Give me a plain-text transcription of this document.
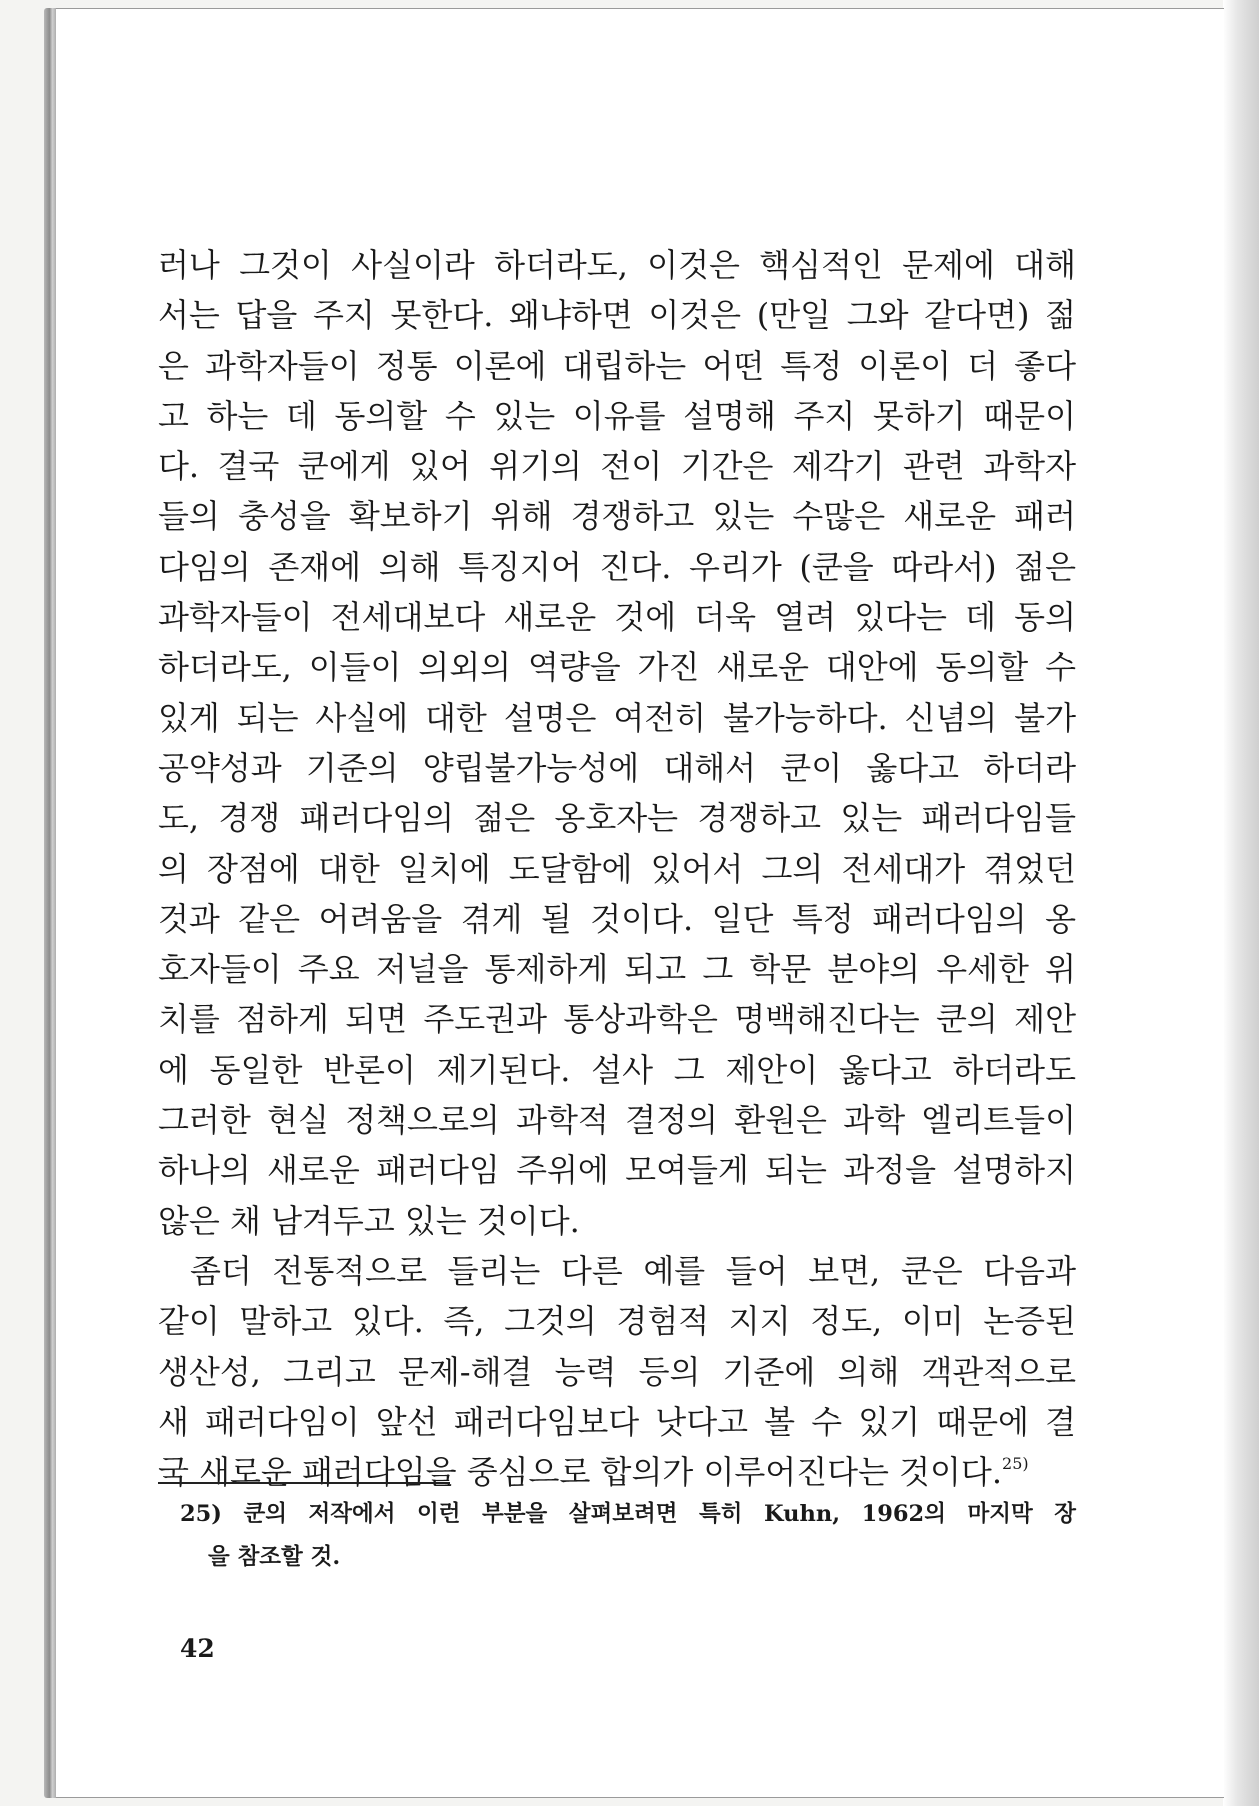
러나 그것이 사실이라 하더라도, 이것은 핵심적인 문제에 대해
서는 답을 주지 못한다. 왜냐하면 이것은 (만일 그와 같다면) 젊
은 과학자들이 정통 이론에 대립하는 어떤 특정 이론이 더 좋다
고 하는 데 동의할 수 있는 이유를 설명해 주지 못하기 때문이
다. 결국 쿤에게 있어 위기의 전이 기간은 제각기 관련 과학자
들의 충성을 확보하기 위해 경쟁하고 있는 수많은 새로운 패러
다임의 존재에 의해 특징지어 진다. 우리가 (쿤을 따라서) 젊은
과학자들이 전세대보다 새로운 것에 더욱 열려 있다는 데 동의
하더라도, 이들이 의외의 역량을 가진 새로운 대안에 동의할 수
있게 되는 사실에 대한 설명은 여전히 불가능하다. 신념의 불가
공약성과 기준의 양립불가능성에 대해서 쿤이 옳다고 하더라
도, 경쟁 패러다임의 젊은 옹호자는 경쟁하고 있는 패러다임들
의 장점에 대한 일치에 도달함에 있어서 그의 전세대가 겪었던
것과 같은 어려움을 겪게 될 것이다. 일단 특정 패러다임의 옹
호자들이 주요 저널을 통제하게 되고 그 학문 분야의 우세한 위
치를 점하게 되면 주도권과 통상과학은 명백해진다는 쿤의 제안
에 동일한 반론이 제기된다. 설사 그 제안이 옳다고 하더라도
그러한 현실 정책으로의 과학적 결정의 환원은 과학 엘리트들이
하나의 새로운 패러다임 주위에 모여들게 되는 과정을 설명하지
않은 채 남겨두고 있는 것이다.
좀더 전통적으로 들리는 다른 예를 들어 보면, 쿤은 다음과
같이 말하고 있다. 즉, 그것의 경험적 지지 정도, 이미 논증된
생산성, 그리고 문제-해결 능력 등의 기준에 의해 객관적으로
새 패러다임이 앞선 패러다임보다 낫다고 볼 수 있기 때문에 결
국 새로운 패러다임을 중심으로 합의가 이루어진다는 것이다.$^{25)}$
25) 쿤의 저작에서 이런 부분을 살펴보려면 특히 Kuhn, 1962의 마지막 장
을 참조할 것.
42
